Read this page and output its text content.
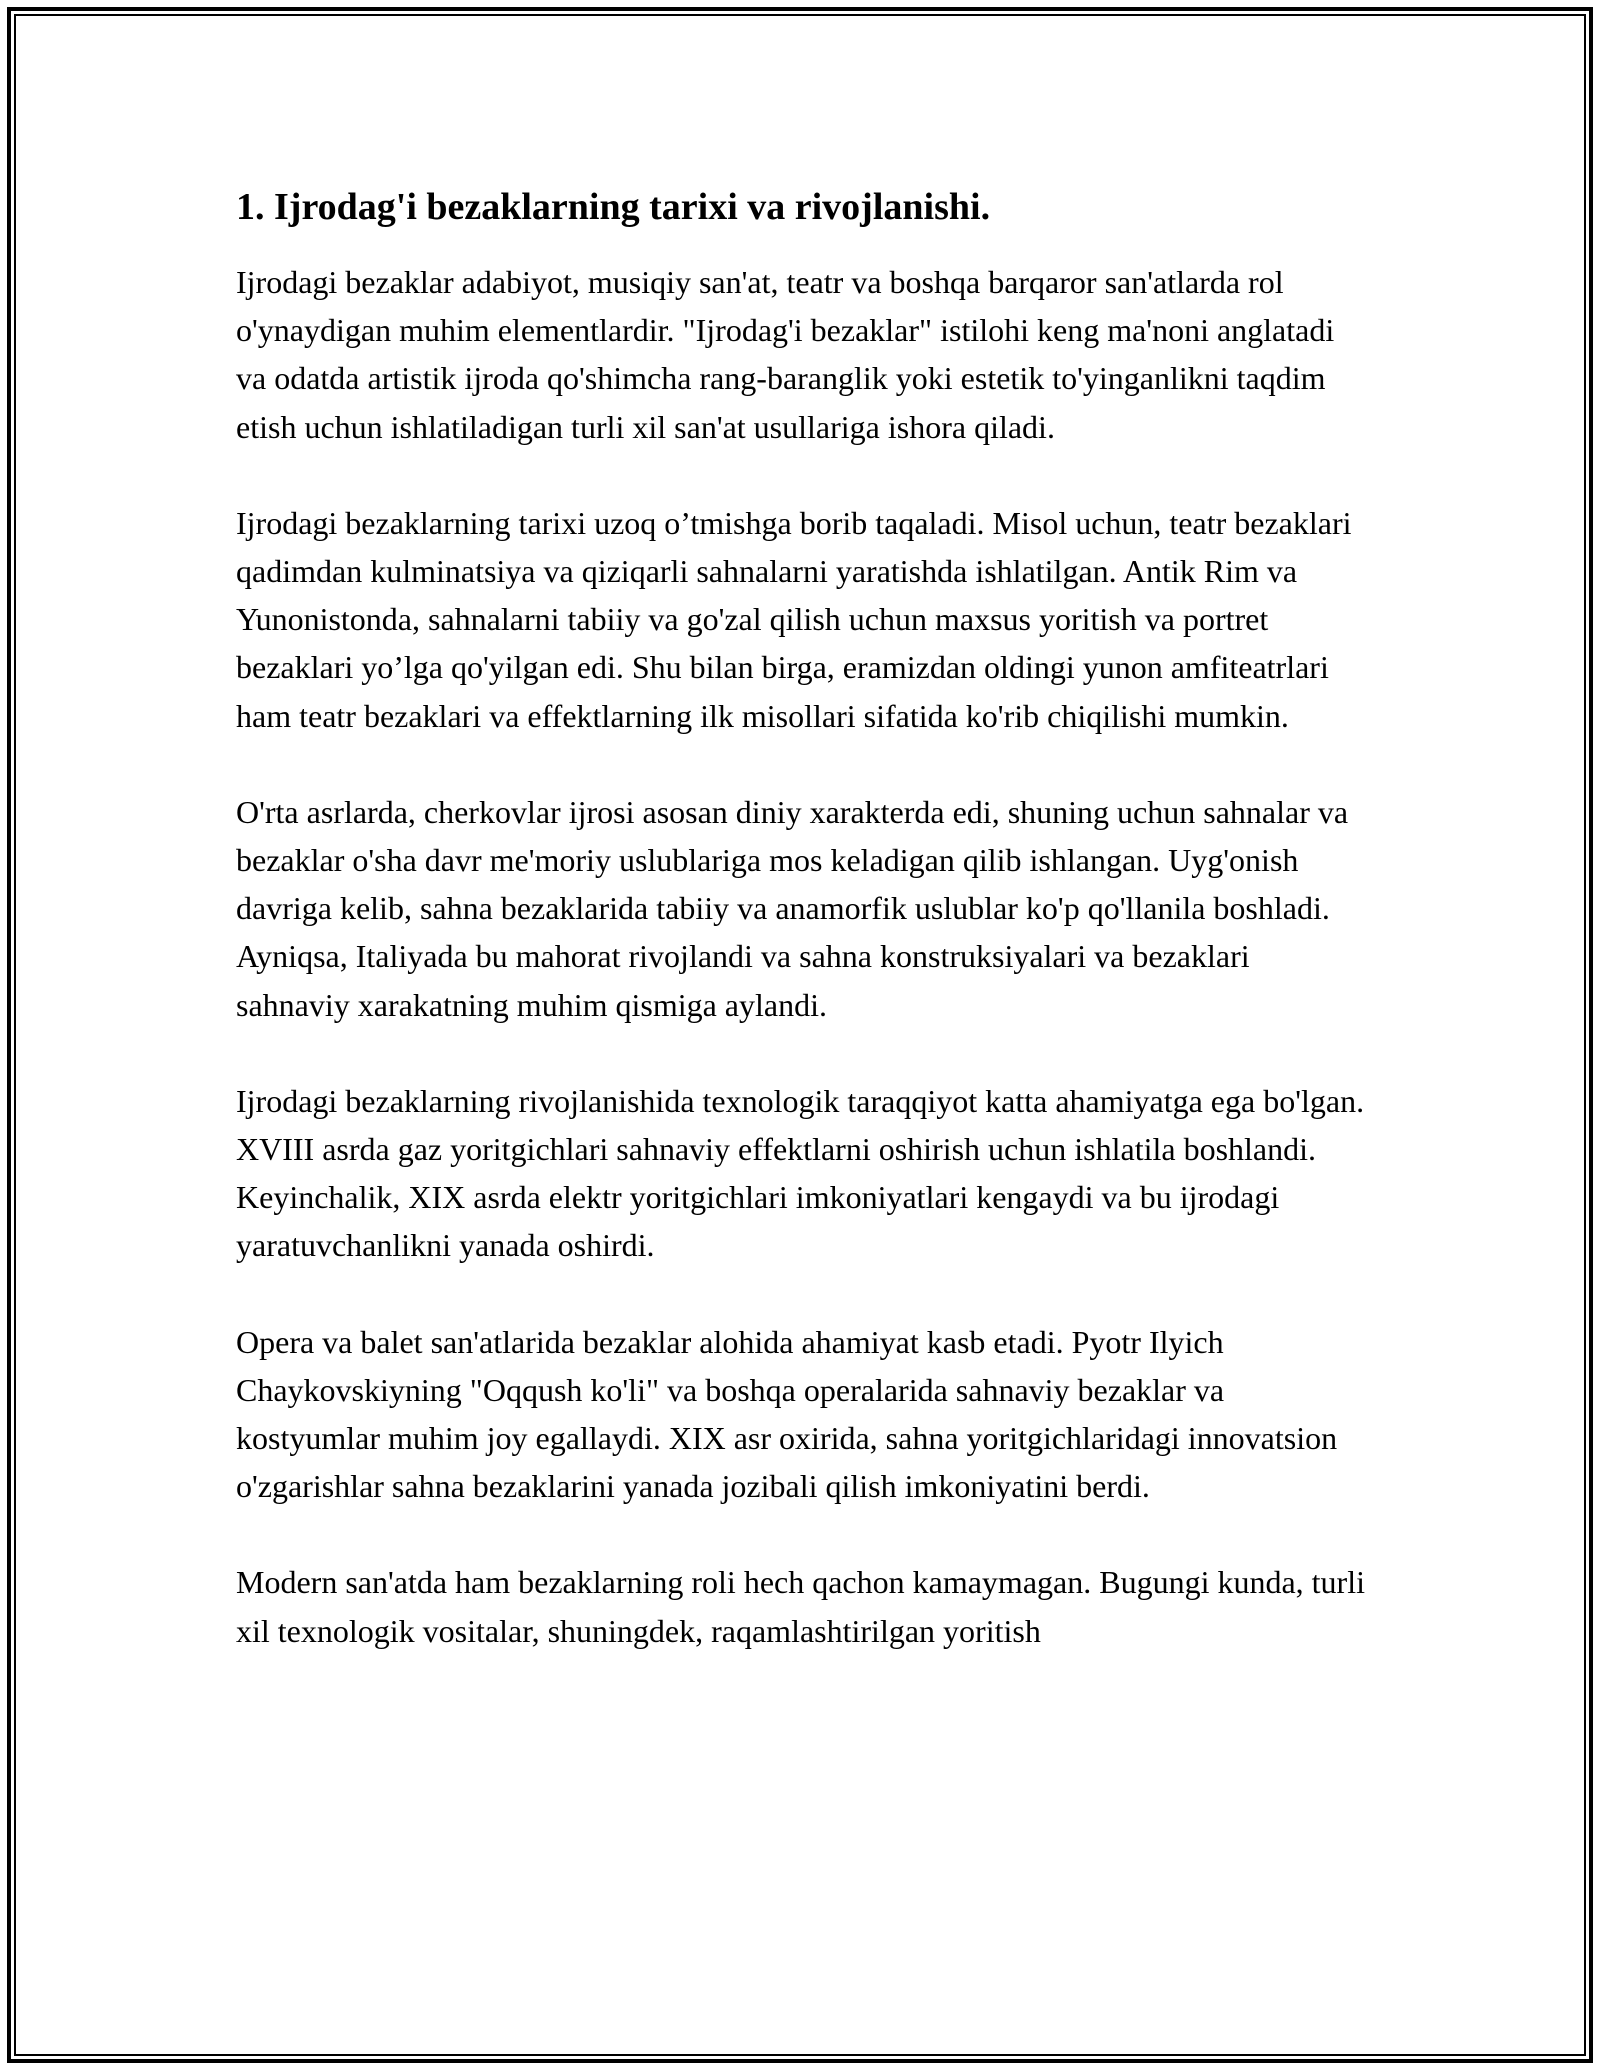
1. Ijrodag'i bezaklarning tarixi va rivojlanishi.

Ijrodagi bezaklar adabiyot, musiqiy san'at, teatr va boshqa barqaror san'atlarda rol o'ynaydigan muhim elementlardir. "Ijrodag'i bezaklar" istilohi keng ma'noni anglatadi va odatda artistik ijroda qo'shimcha rang-baranglik yoki estetik to'yinganlikni taqdim etish uchun ishlatiladigan turli xil san'at usullariga ishora qiladi.

Ijrodagi bezaklarning tarixi uzoq o’tmishga borib taqaladi. Misol uchun, teatr bezaklari qadimdan kulminatsiya va qiziqarli sahnalarni yaratishda ishlatilgan. Antik Rim va Yunonistonda, sahnalarni tabiiy va go'zal qilish uchun maxsus yoritish va portret bezaklari yo’lga qo'yilgan edi. Shu bilan birga, eramizdan oldingi yunon amfiteatrlari ham teatr bezaklari va effektlarning ilk misollari sifatida ko'rib chiqilishi mumkin.

O'rta asrlarda, cherkovlar ijrosi asosan diniy xarakterda edi, shuning uchun sahnalar va bezaklar o'sha davr me'moriy uslublariga mos keladigan qilib ishlangan. Uyg'onish davriga kelib, sahna bezaklarida tabiiy va anamorfik uslublar ko'p qo'llanila boshladi. Ayniqsa, Italiyada bu mahorat rivojlandi va sahna konstruksiyalari va bezaklari sahnaviy xarakatning muhim qismiga aylandi.

Ijrodagi bezaklarning rivojlanishida texnologik taraqqiyot katta ahamiyatga ega bo'lgan. XVIII asrda gaz yoritgichlari sahnaviy effektlarni oshirish uchun ishlatila boshlandi. Keyinchalik, XIX asrda elektr yoritgichlari imkoniyatlari kengaydi va bu ijrodagi yaratuvchanlikni yanada oshirdi.

Opera va balet san'atlarida bezaklar alohida ahamiyat kasb etadi. Pyotr Ilyich Chaykovskiyning "Oqqush ko'li" va boshqa operalarida sahnaviy bezaklar va kostyumlar muhim joy egallaydi. XIX asr oxirida, sahna yoritgichlaridagi innovatsion o'zgarishlar sahna bezaklarini yanada jozibali qilish imkoniyatini berdi.

Modern san'atda ham bezaklarning roli hech qachon kamaymagan. Bugungi kunda, turli xil texnologik vositalar, shuningdek, raqamlashtirilgan yoritish
